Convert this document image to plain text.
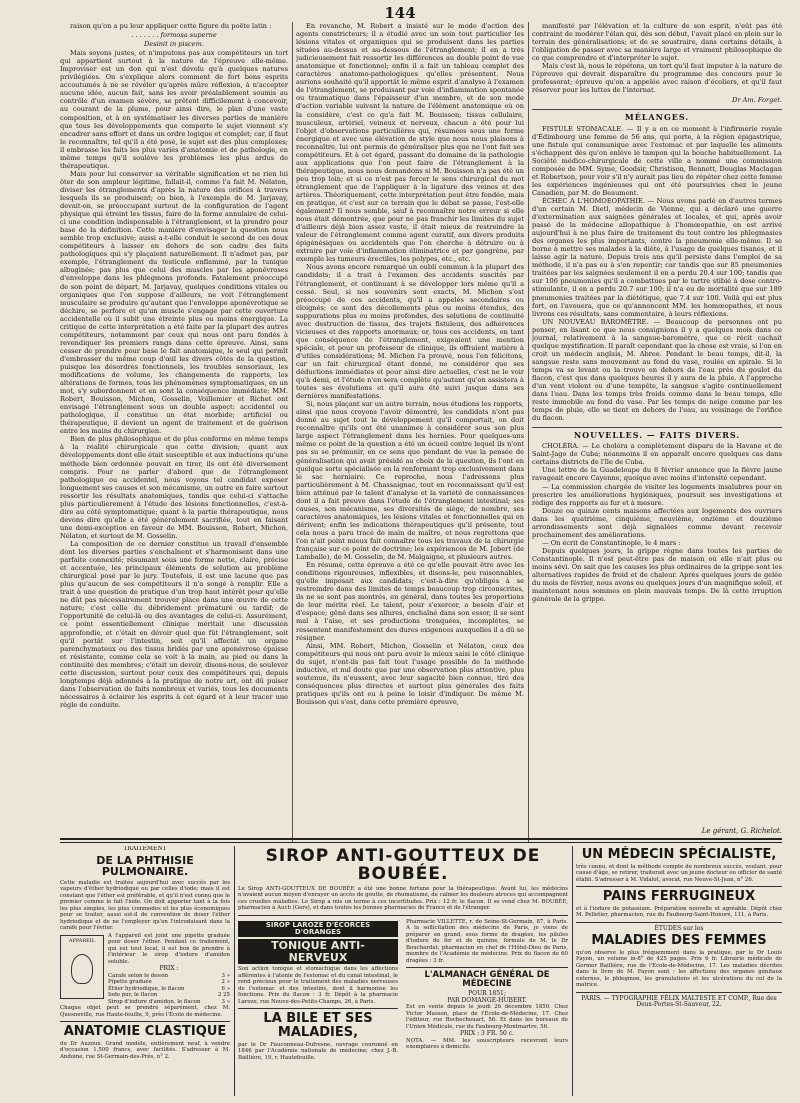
144

raison qu'on a pu leur appliquer cette figure du poëte latin :

. . . . . . . formosa superne
Desinit in piscem.

Mais soyons justes, et n'imputons pas aux compétiteurs un tort qui appartient surtout à la nature de l'épreuve elle-même. Improviser est un don qui n'est dévolu qu'à quelques natures privilégiées. On s'explique alors comment de fort bons esprits accoutumés à ne se révéler qu'après mûre réflexion, à n'accepter aucune idée, aucun fait, sans les avoir préalablement soumis au contrôle d'un examen sévère, se prêtent difficilement à concevoir, au courant de la plume, pour ainsi dire, le plan d'une vaste composition, et à en systématiser les diverses parties de manière que tous les développements que comporte le sujet viennent s'y encadrer sans effort et dans un ordre logique et complet; car, il faut le reconnaître, tel qu'il a été posé, le sujet est des plus complexes; il embrasse les faits les plus variés d'anatomie et de pathologie, en même temps qu'il soulève les problèmes les plus ardus de thérapeutique.

Mais pour lui conserver sa véritable signification et ne rien lui ôter de son ampleur légitime, fallait-il, comme l'a fait M. Nélaton, diviser les étranglements d'après la nature des orifices à travers lesquels ils se produisent; ou bien, à l'exemple de M. Jarjavay, devait-on, se préoccupant surtout de la configuration de l'agent physique qui étreint les tissus, faire de la forme annulaire de celui-ci une condition indispensable à l'étranglement, et la prendre pour base de la définition. Cette manière d'envisager la question nous semble trop exclusive; aussi a-t-elle conduit le second de ces deux compétiteurs à laisser en dehors de son cadre des faits pathologiques qui s'y plaçaient naturellement. Il n'admet pas, par exemple, l'étranglement du testicule enflammé, par la tunique albuginée; pas plus que celui des muscles par les aponévroses d'enveloppe dans les phlegmons profonds. Fatalement préoccupé de son point de départ, M. Jarjavay, quelques conditions vitales ou organiques que l'on suppose d'ailleurs, ne voit l'étranglement musculaire se produire qu'autant que l'enveloppe aponévrotique se déchire, se perfore et qu'un muscle s'engage par cette ouverture accidentelle où il subit une étreinte plus ou moins énergique. La critique de cette interprétation a été faite par la plupart des autres compétiteurs, notamment par ceux qui nous ont paru fondés à revendiquer les premiers rangs dans cette épreuve. Ainsi, sans cesser de prendre pour base le fait anatomique, le seul qui permît d'embrasser du même coup d'œil les divers côtés de la question, puisque les désordres fonctionnels, les troubles sensoriaux, les modifications de volume, les changements de rapports, les altérations de formes, tous les phénomènes symptomatiques, en un mot, s'y subordonnent et en sont la conséquence immédiate; MM. Robert, Bouisson, Michon, Gosselin, Voillemier et Richet ont envisagé l'étranglement sous un double aspect: accidentel ou pathologique, il constitue un état morbide; artificiel ou thérapeutique, il devient un agent de traitement et de guérison entre les mains du chirurgien.

Bien de plus philosophique et de plus conforme en même temps à la réalité chirurgicale que cette division; quant aux développements dont elle était susceptible et aux inductions qu'une méthode bien ordonnée pouvait en tirer, ils ont été diversement compris. Pour ne parler d'abord que de l'étranglement pathologique ou accidentel, nous voyons tel candidat exposer longuement ses causes et son mécanisme, un autre en faire surtout ressortir les résultats anatomiques, tandis que celui-ci s'attache plus particulièrement à l'étude des lésions fonctionnelles, c'est-à-dire au côté symptomatique; quant à la partie thérapeutique, nous devons dire qu'elle a été généralement sacrifiée, tout en faisant une demi-exception en faveur de MM. Bouisson, Robert, Michon, Nélaton, et surtout de M. Gosselin.

La composition de ce dernier constitue un travail d'ensemble dont les diverses parties s'enchaînent et s'harmonisent dans une parfaite connexité; résumant sous une forme nette, claire, précise et accentuée, les principaux éléments de solution au problème chirurgical posé par le jury. Toutefois, il est une lacune que pas plus qu'aucun de ses compétiteurs il n'a songé à remplir. Elle a trait à une question de pratique d'un trop haut intérêt pour qu'elle ne dût pas nécessairement trouver place dans une œuvre de cette nature; c'est celle du débridement prématuré ou tardif; de l'opportunité de celui-là ou des avantages de celui-ci. Assurément, ce point essentiellement clinique méritait une discussion approfondie, et c'était en dévoir quel que fût l'étranglement, soit qu'il portât sur l'intestin, soit qu'il affectât un organe parenchymateux ou des tissus bridés par une aponévrose épaisse et résistante, comme cela se voit à la main, au pied ou dans la continuité des membres; c'était un devoir, disons-nous, de soulever cette discussion, surtout pour ceux des compétiteurs qui, depuis longtemps déjà adonnés à la pratique de notre art, ont dû puiser dans l'observation de faits nombreux et variés, tous les documents nécessaires à éclairer les esprits à cet égard et à leur tracer une règle de conduite.

En revanche, M. Robert a insisté sur le mode d'action des agents constricteurs; il a étudié avec un soin tout particulier les lésions vitales et organiques qui se produisent dans les parties situées au-dessus et au-dessous de l'étranglement; il en a très judicieusement fait ressortir les différences au double point de vue anatomique et fonctionnel; enfin il a fait un tableau complet des caractères anatomo-pathologiques qu'elles présentent. Nous aurions souhaité qu'il apportât le même esprit d'analyse à l'examen de l'étranglement, se produisant par voie d'inflammation spontanée ou traumatique dans l'épaisseur d'un membre, et de son mode d'action variable suivant la nature de l'élément anatomique où on la considère, c'est ce qu'a fait M. Bouisson; tissus cellulaire, musculeux, artériel, veineux et nerveux, chacun a été pour lui l'objet d'observations particulières qui, résumées sous une forme énergique et avec une élévation de style que nous nous plaisons à reconnaître, lui ont permis de généraliser plus que ne l'ont fait ses compétiteurs. Et à cet égard, passant du domaine de la pathologie aux applications que l'on peut faire de l'étranglement à la thérapeutique, nous nous demandons si M. Bouisson n'a pas été un peu trop loin; et si ce n'est pas forcer le sens chirurgical du mot étranglement que de l'appliquer à la ligature des veines et des artères. Théoriquement, cette interprétation peut être fondée, mais en pratique, et c'est sur ce terrain que le débat se passe, l'est-elle également? Il nous semble, sauf à reconnaître notre erreur si elle nous était démontrée, que pour ne pas franchir les limites du sujet d'ailleurs déjà bien assez vaste, il était mieux de restreindre la valeur de l'étranglement comme agent curatif, aux divers produits épigénésiques ou accidentels que l'on cherche à détruire ou à extraire par voie d'inflammation éliminatrice et par gangrène, par exemple les tumeurs érectiles, les polypes, etc., etc.

Nous avons encore remarqué un oubli commun à la plupart des candidats; il a trait à l'examen des accidents suscités par l'étranglement, et continuant à se développer lors même qu'il a cessé. Seul, si nos souvenirs sont exacts, M. Michon s'est préoccupé de ces accidents, qu'il a appelés secondaires ou éloignés; ce sont des décollements plus ou moins étendus, des suppurations plus ou moins profondes, des solutions de continuité avec destruction de tissus, des trajets fistuleux, des adhérences vicieuses et des rapports anormaux; or, tous ces accidents, en tant que conséquence de l'étranglement, exigeaient une mention spéciale, et pour un professeur de clinique, ils offraient matière à d'utiles considérations; M. Michon l'a prouvé, nous l'en félicitons, car un fait chirurgical étant donné, ne considérer que ses déductions immédiates et pour ainsi dire actuelles, c'est ne le voir qu'à demi, et l'étude n'en sera complète qu'autant qu'on assistera à toutes ses évolutions et qu'il aura été suivi jusque dans ses dernières manifestations.

Si, nous plaçant sur un autre terrain, nous étudions les rapports, ainsi que nous croyons l'avoir démontré, les candidats n'ont pas donné au sujet tout le développement qu'il comportait, on doit reconnaître qu'ils ont été unanimes à considérer sous son plus large aspect l'étranglement dans les hernies. Pour quelques-uns même ce point de la question a été un écueil contre lequel ils n'ont pas su se prémunir, en ce sens que pendant de vue la pensée de généralisation qui avait présidé au choix de la question, ils l'ont en quelque sorte spécialisée en la renfermant trop exclusivement dans le sac herniaire. Ce reproche, nous l'adressons plus particulièrement à M. Chassaignac, tout en reconnaissant qu'il est bien atténué par le talent d'analyse et la variété de connaissances dont il a fait preuve dans l'étude de l'étranglement intestinal; ses causes, son mécanisme, ses diversités de siège, de nombre, ses caractères anatomiques, les lésions vitales et fonctionnelles qui en dérivent; enfin les indications thérapeutiques qu'il présente, tout cela nous a paru tracé de main de maître, et nous regrettons que l'on n'ait point mieux fait connaître tous les travaux de la chirurgie française sur ce point de doctrine; les expériences de M. Jobert (de Lamballe), de M. Gosselin, de M. Malgaigne, et plusieurs autres.

En résumé, cette épreuve a été ce qu'elle pouvait être avec les conditions rigoureuses, inflexibles, et disons-le, peu raisonnables, qu'elle imposait aux candidats; c'est-à-dire qu'obligés à se restreindre dans des limites de temps beaucoup trop circonscrites, ils ne se sont pas montrés, en général, dans toutes les proportions de leur mérite réel. Le talent, pour s'exercer, a besoin d'air et d'espace; gêné dans ses allures, enchaîné dans son essor, il se sent mal à l'aise, et ses productions tronquées, incomplètes, se ressentent manifestement des dures exigences auxquelles il a dû se résigner.

Ainsi, MM. Robert, Michon, Gosselin et Nélaton, ceux des compétiteurs qui nous ont paru avoir le mieux saisi le côté clinique du sujet, n'ont-ils pas fait tout l'usage possible de la méthode inductive, et nul doute que par une observation plus attentive, plus soutenue, ils n'eussent, avec leur sagacité bien connue, tiré des conséquences plus directes et surtout plus générales des faits pratiques qu'ils ont eu à peine le loisir d'indiquer. De même M. Bouisson qui s'est, dans cette première épreuve,

manifesté par l'élévation et la culture de son esprit, n'eût pas été contraint de modérer l'élan qui, dès son début, l'avait placé en plein sur le terrain des généralisations; et de se soustraire, dans certains détails, à l'obligation de passer avec sa manière large et vraiment philosophique de ce que comprendre et d'interpréter le sujet.

Mais c'est là, nous le répétons, un tort qu'il faut imputer à la nature de l'épreuve qui devrait disparaître du programme des concours pour le professorat; épreuve qu'on a appelée avec raison d'écoliers, et qu'il faut réserver pour les luttes de l'internat.

Dr Am. Forget.
MÉLANGES.

FISTULE STOMACALE. — Il y a en ce moment à l'infirmerie royale d'Édimbourg une femme de 56 ans, qui porte, à la région épigastrique, une fistule qui communique avec l'estomac et par laquelle les aliments s'échappent dès qu'on enlève le tampon qui la bouche habituellement. La Société médico-chirurgicale de cette ville a nommé une commission composée de MM. Syme, Goodsir, Christison, Bennett, Douglas Maclagan et Robertson, pour voir s'il n'y aurait pas lieu de répéter chez cette femme les expériences ingénieuses qui ont été poursuivies chez le jeune Canadien, par M. de Beaumont.

ÉCHEC A L'HOMOEOPATHIE. — Nous avons parlé en d'autres termes d'un certain M. Dietl, médecin de Vienne, qui a déclaré une guerre d'extermination aux saignées générales et locales, et qui, après avoir passé de la médecine allopathique à l'homœopathie, en est arrivé aujourd'hui à ne plus faire de traitement du tout contre les phlegmasies des organes les plus importants, contre la pneumonie elle-même. Il se borne à mettre ses malades à la diète, à l'usage de quelques tisanes, et il laisse agir la nature. Depuis trois ans qu'il persiste dans l'emploi de sa méthode, il n'a pas eu à s'en repentir; car tandis que sur 85 pneumonies traitées par les saignées seulement il en a perdu 20.4 sur 100; tandis que sur 106 pneumonies qu'il a combattues par le tartre stibié à dose contro-stimulante, il en a perdu 20.7 sur 100; il n'a eu de mortalité que sur 189 pneumonies traitées par la diététique, que 7.4 sur 100. Voilà qui est plus fort, on l'avouera, que ce qu'annoncent MM. les homœopathes, et nous livrons ces résultats, sans commentaire, à leurs réflexions.

UN NOUVEAU BAROMÈTRE. — Beaucoup de personnes ont pu penser, en lisant ce que nous consignions il y a quelques mois dans ce journal, relativement à la sangsue-baromètre, que ce récit cachait quelque mystification. Il paraît cependant que la chose est vraie, si l'on en croit un médecin anglais, M. Abree. Pendant le beau temps, dit-il, la sangsue reste sans mouvement au fond du vase, roulée en spirale. Si le temps va se levant ou la trouve en dehors de l'eau près du goulot du flacon, c'est que dans quelques heures il y aura de la pluie. A l'approche d'un vent violent ou d'une tempête, la sangsue s'agite continuellement dans l'eau. Dans les temps très froids comme dans le beau temps, elle reste immobile au fond du vase. Par les temps de neige comme par les temps de pluie, elle se tient en dehors de l'eau, au voisinage de l'orifice du flacon.

NOUVELLES. — FAITS DIVERS.

CHOLÉRA. — Le choléra a complètement disparu de la Havane et de Saint-Jago de Cuba; néanmoins il en apparaît encore quelques cas dans certains districts de l'île de Cuba.

Une lettre de la Guadeloupe du 8 février annonce que la fièvre jaune ravageait encore Cayenne, quoique avec moins d'intensité cependant.

— La commission chargée de visiter les logements insalubres pour en prescrire les améliorations hygiéniques, poursuit ses investigations et rédige des rapports au fur et à mesure.

Douze ou quinze cents maisons affectées aux logements des ouvriers dans les quatrième, cinquième, neuvième, onzième et douzième arrondissements sont déjà signalées comme devant recevoir prochainement des améliorations.

— On écrit de Constantinople, le 4 mars :

Depuis quelques jours, la grippe règne dans toutes les parties de Constantinople. Il n'est peut-être pas de maison où elle n'ait plus ou moins sévi. On sait que les causes les plus ordinaires de la grippe sont les alternatives rapides de froid et de chaleur. Après quelques jours de gelée du mois de février, nous avons eu quelques jours d'un magnifique soleil, et maintenant nous sommes en plein mauvais temps. De là cette irruption générale de la grippe.

Le gérant, G. Richelot.
TRAITEMENT
DE LA PHTHISIE PULMONAIRE.

Cette maladie est traitée aujourd'hui avec succès par les vapeurs d'éther hydriodique ou par celles d'iode; mais il est constant que l'éther est préférable, et qu'il n'est connu que le premier comme le fait l'iode. On doit apporter tant à la fois les plus simples, les plus commodes et les plus économiques pour se traiter, aussi est-il de convention de doser l'éther hydriodique et de ne l'employer qu'en l'introduisant dans la carafe pour l'éviter.

APPAREIL

A l'appareil est joint une pipette graduée pour doser l'éther. Pendant ce traitement, qui est tout local, il est bon de prendre à l'intérieur le sirop d'iodure d'amidon soluble.

PRIX :
Carafe selon le dessin	3 »
Pipette graduée	2 »
Éther hydriodique, le flacon	6 »
Iode pur, le flacon	2 25
Sirop d'iodure d'amidon, le flacon	3 »

Chaque objet peut se prendre séparément, chez M. Quesneville, rue Haute-feuille, 9, près l'École de médecine.

ANATOMIE CLASTIQUE

du Dr Auzoux. Grand modèle, entièrement neuf, à vendre d'occasion 1,500 francs, avec facilités. S'adresser à M. Andoine, rue St-Germain-des-Prés, n° 2.

SIROP ANTI-GOUTTEUX DE BOUBÉE.

Le Sirop ANTI-GOUTTEUX DE BOUBÉE a été une bonne fortune pour la thérapeutique. Avant lui, les médecins n'avaient aucun moyen d'enrayer un accès de goutte, de rhumatisme, de calmer les douleurs atroces qui accompagnent ces cruelles maladies. Le Sirop a mis un terme à ces incertitudes. Prix : 12 fr. le flacon. Il se vend chez M. BOUBÉE, pharmacien à Auch (Gers), et dans toutes les bonnes pharmacies de France et de l'étranger.

SIROP LAROZE D'ÉCORCES D'ORANGES
TONIQUE ANTI-NERVEUX

Son action tonique et stomachique dans les affections afférentes à l'atonie de l'estomac et du canal intestinal, le rend précieux pour le traitement des maladies nerveuses de l'estomac et des intestins, dont il harmonise les fonctions. Prix du flacon : 3 fr. Dépôt à la pharmacie Laroze, rue Neuve-des-Petits-Champs, 26, à Paris.

LA BILE ET SES MALADIES,

par le Dr Fauconneau-Dufresne, ouvrage couronné en 1846 par l'Académie nationale de médecine; chez J.-B. Baillière, 19, r. Hautefeuille.

Pharmacie VILLETTE, r. de Seine-St-Germain, 87, à Paris. A la sollicitation des médecins de Paris, je viens de préparer en grand, sous forme de dragées, les pilules d'iodure de fer et de quinine, formule de M. le Dr Bouchardat, pharmacien en chef de l'Hôtel-Dieu de Paris, membre de l'Académie de médecine. Prix du flacon de 60 dragées : 3 fr.

L'ALMANACH GÉNÉRAL DE MÉDECINE
POUR 1851;
PAR DOMANGE-HUBERT.

Est en vente depuis le jeudi 26 décembre 1850. Chez Victor Masson, place de l'École-de-Médecine, 17. Chez l'éditeur, rue Rochechouart, 56. Et dans les bureaux de l'Union Médicale, rue du Faubourg-Montmartre, 56.

PRIX : 3 FR. 50 c.

NOTA. — MM. les souscripteurs recevront leurs exemplaires à domicile.

UN MÉDECIN SPÉCIALISTE,

très connu, et dont la méthode compte de nombreux succès, voulant, pour cause d'âge, se retirer, traiterait avec un jeune docteur ou officier de santé établi. S'adresser à M. Vidalot, avocat, rue Neuve-St-Jean, n° 26.

PAINS FERRUGINEUX

et à l'iodure de potassium. Préparation nouvelle et agréable. Dépôt chez M. Pelletier, pharmacien, rue du Faubourg-Saint-Honoré, 111, à Paris.

ÉTUDES sur les
MALADIES DES FEMMES

qu'on observe le plus fréquemment dans la pratique, par le Dr Louis Fayon, un volume in-8° de 425 pages. Prix 6 fr. Librairie médicale de Germer Baillière, rue de l'École-de-Médecine, 17. Les maladies décrites dans le livre de M. Fayon sont : les affections des organes génitaux externes, le phlegmon, les granulations et les ulcérations du col de la matrice.

PARIS. — TYPOGRAPHIE FÉLIX MALTESTE ET COMP., Rue des Deux-Portes-St-Sauveur, 22.
